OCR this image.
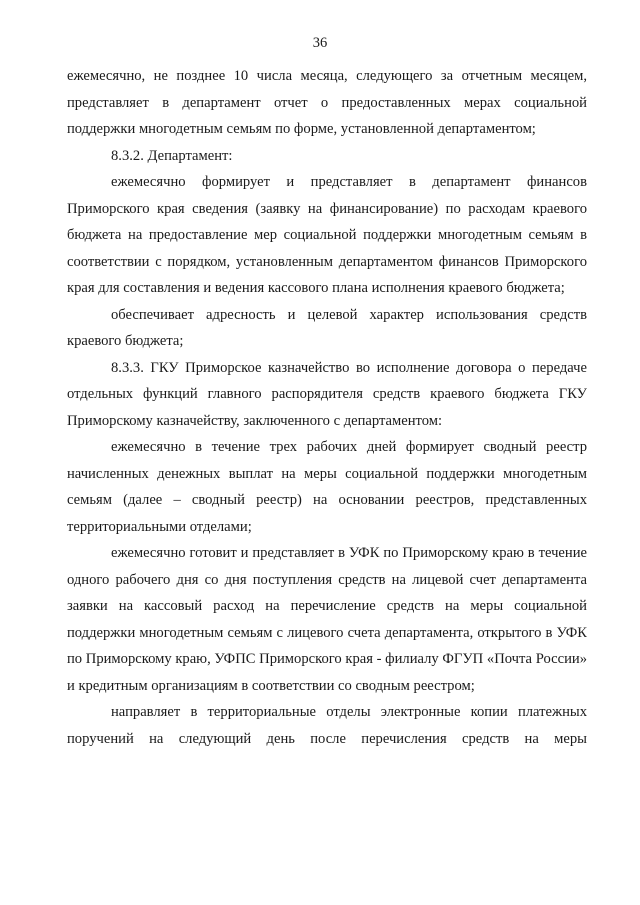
36

ежемесячно, не позднее 10 числа месяца, следующего за отчетным месяцем, представляет в департамент отчет о предоставленных мерах социальной поддержки многодетным семьям по форме, установленной департаментом;

8.3.2. Департамент:

ежемесячно формирует и представляет в департамент финансов Приморского края сведения (заявку на финансирование) по расходам краевого бюджета на предоставление мер социальной поддержки многодетным семьям в соответствии с порядком, установленным департаментом финансов Приморского края для составления и ведения кассового плана исполнения краевого бюджета;

обеспечивает адресность и целевой характер использования средств краевого бюджета;

8.3.3. ГКУ Приморское казначейство во исполнение договора о передаче отдельных функций главного распорядителя средств краевого бюджета ГКУ Приморскому казначейству, заключенного с департаментом:

ежемесячно в течение трех рабочих дней формирует сводный реестр начисленных денежных выплат на меры социальной поддержки многодетным семьям (далее – сводный реестр) на основании реестров, представленных территориальными отделами;

ежемесячно готовит и представляет в УФК по Приморскому краю в течение одного рабочего дня со дня поступления средств на лицевой счет департамента заявки на кассовый расход на перечисление средств на меры социальной поддержки многодетным семьям с лицевого счета департамента, открытого в УФК по Приморскому краю, УФПС Приморского края - филиалу ФГУП «Почта России» и кредитным организациям в соответствии со сводным реестром;

направляет в территориальные отделы электронные копии платежных поручений на следующий день после перечисления средств на меры
